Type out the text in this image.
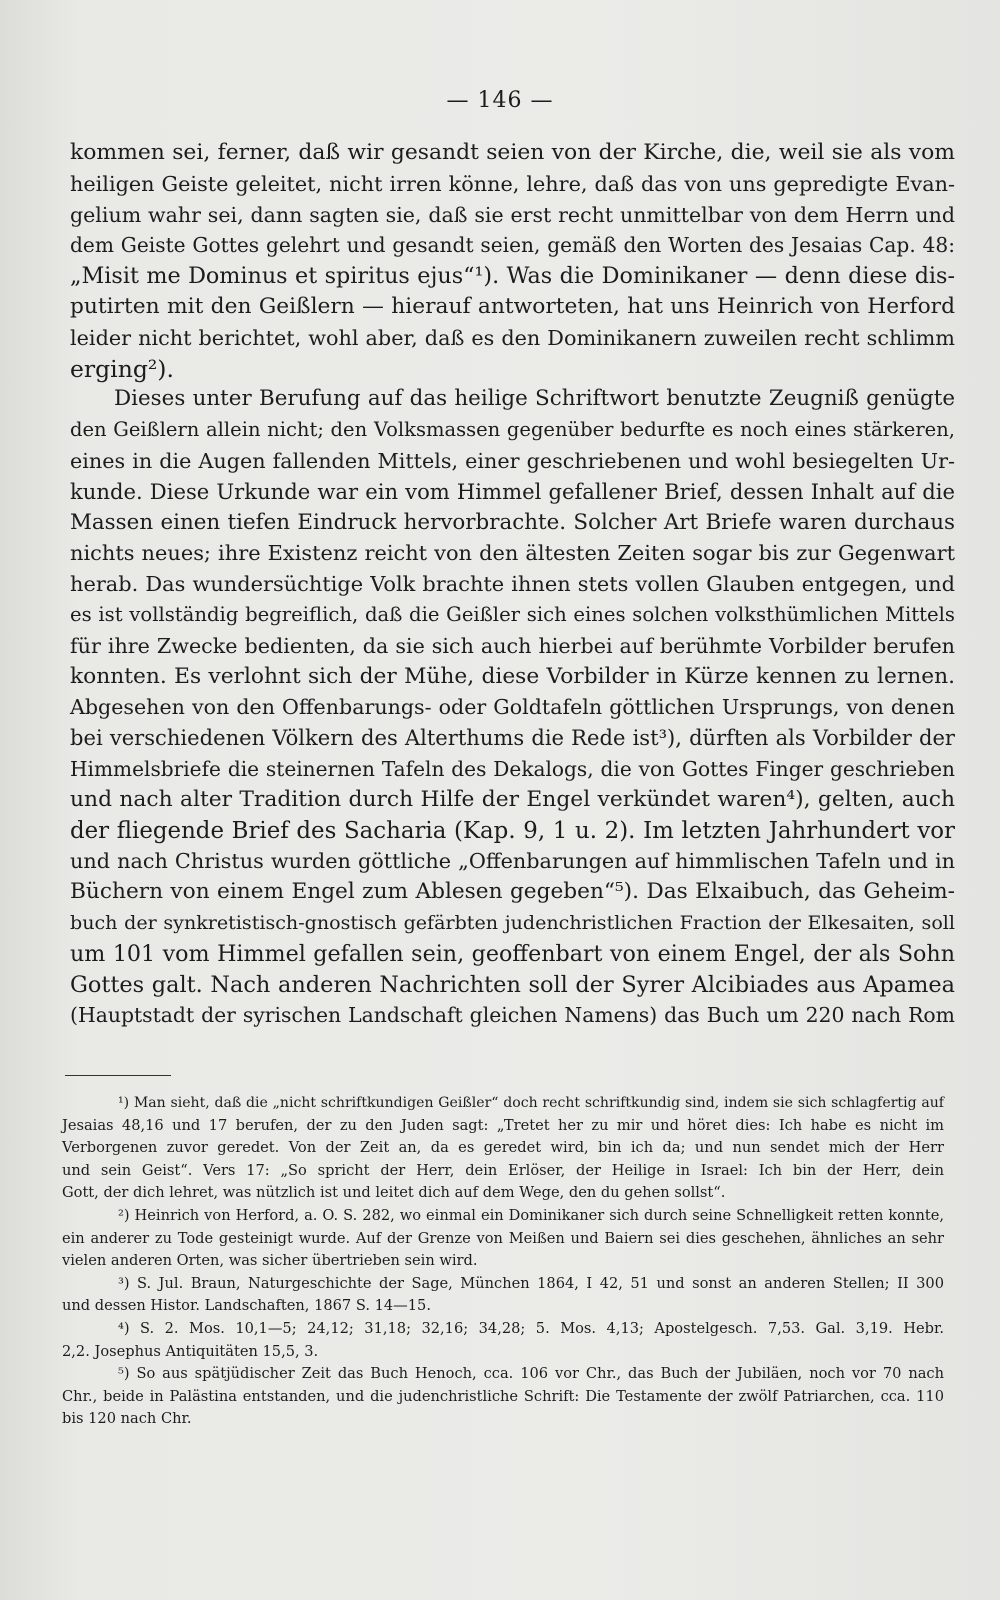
— 146 —
kommen sei, ferner, daß wir gesandt seien von der Kirche, die, weil sie als vom
heiligen Geiste geleitet, nicht irren könne, lehre, daß das von uns gepredigte Evan-
gelium wahr sei, dann sagten sie, daß sie erst recht unmittelbar von dem Herrn und
dem Geiste Gottes gelehrt und gesandt seien, gemäß den Worten des Jesaias Cap. 48:
„Misit me Dominus et spiritus ejus“¹). Was die Dominikaner — denn diese dis-
putirten mit den Geißlern — hierauf antworteten, hat uns Heinrich von Herford
leider nicht berichtet, wohl aber, daß es den Dominikanern zuweilen recht schlimm
erging²).
Dieses unter Berufung auf das heilige Schriftwort benutzte Zeugniß genügte
den Geißlern allein nicht; den Volksmassen gegenüber bedurfte es noch eines stärkeren,
eines in die Augen fallenden Mittels, einer geschriebenen und wohl besiegelten Ur-
kunde. Diese Urkunde war ein vom Himmel gefallener Brief, dessen Inhalt auf die
Massen einen tiefen Eindruck hervorbrachte. Solcher Art Briefe waren durchaus
nichts neues; ihre Existenz reicht von den ältesten Zeiten sogar bis zur Gegenwart
herab. Das wundersüchtige Volk brachte ihnen stets vollen Glauben entgegen, und
es ist vollständig begreiflich, daß die Geißler sich eines solchen volksthümlichen Mittels
für ihre Zwecke bedienten, da sie sich auch hierbei auf berühmte Vorbilder berufen
konnten. Es verlohnt sich der Mühe, diese Vorbilder in Kürze kennen zu lernen.
Abgesehen von den Offenbarungs- oder Goldtafeln göttlichen Ursprungs, von denen
bei verschiedenen Völkern des Alterthums die Rede ist³), dürften als Vorbilder der
Himmelsbriefe die steinernen Tafeln des Dekalogs, die von Gottes Finger geschrieben
und nach alter Tradition durch Hilfe der Engel verkündet waren⁴), gelten, auch
der fliegende Brief des Sacharia (Kap. 9, 1 u. 2). Im letzten Jahrhundert vor
und nach Christus wurden göttliche „Offenbarungen auf himmlischen Tafeln und in
Büchern von einem Engel zum Ablesen gegeben“⁵). Das Elxaibuch, das Geheim-
buch der synkretistisch-gnostisch gefärbten judenchristlichen Fraction der Elkesaiten, soll
um 101 vom Himmel gefallen sein, geoffenbart von einem Engel, der als Sohn
Gottes galt. Nach anderen Nachrichten soll der Syrer Alcibiades aus Apamea
(Hauptstadt der syrischen Landschaft gleichen Namens) das Buch um 220 nach Rom
¹) Man sieht, daß die „nicht schriftkundigen Geißler“ doch recht schriftkundig sind, indem sie sich schlagfertig auf
Jesaias 48,16 und 17 berufen, der zu den Juden sagt: „Tretet her zu mir und höret dies: Ich habe es nicht im
Verborgenen zuvor geredet. Von der Zeit an, da es geredet wird, bin ich da; und nun sendet mich der Herr
und sein Geist“. Vers 17: „So spricht der Herr, dein Erlöser, der Heilige in Israel: Ich bin der Herr, dein
Gott, der dich lehret, was nützlich ist und leitet dich auf dem Wege, den du gehen sollst“.
²) Heinrich von Herford, a. O. S. 282, wo einmal ein Dominikaner sich durch seine Schnelligkeit retten konnte,
ein anderer zu Tode gesteinigt wurde. Auf der Grenze von Meißen und Baiern sei dies geschehen, ähnliches an sehr
vielen anderen Orten, was sicher übertrieben sein wird.
³) S. Jul. Braun, Naturgeschichte der Sage, München 1864, I 42, 51 und sonst an anderen Stellen; II 300
und dessen Histor. Landschaften, 1867 S. 14—15.
⁴) S. 2. Mos. 10,1—5; 24,12; 31,18; 32,16; 34,28; 5. Mos. 4,13; Apostelgesch. 7,53. Gal. 3,19. Hebr.
2,2. Josephus Antiquitäten 15,5, 3.
⁵) So aus spätjüdischer Zeit das Buch Henoch, cca. 106 vor Chr., das Buch der Jubiläen, noch vor 70 nach
Chr., beide in Palästina entstanden, und die judenchristliche Schrift: Die Testamente der zwölf Patriarchen, cca. 110
bis 120 nach Chr.
